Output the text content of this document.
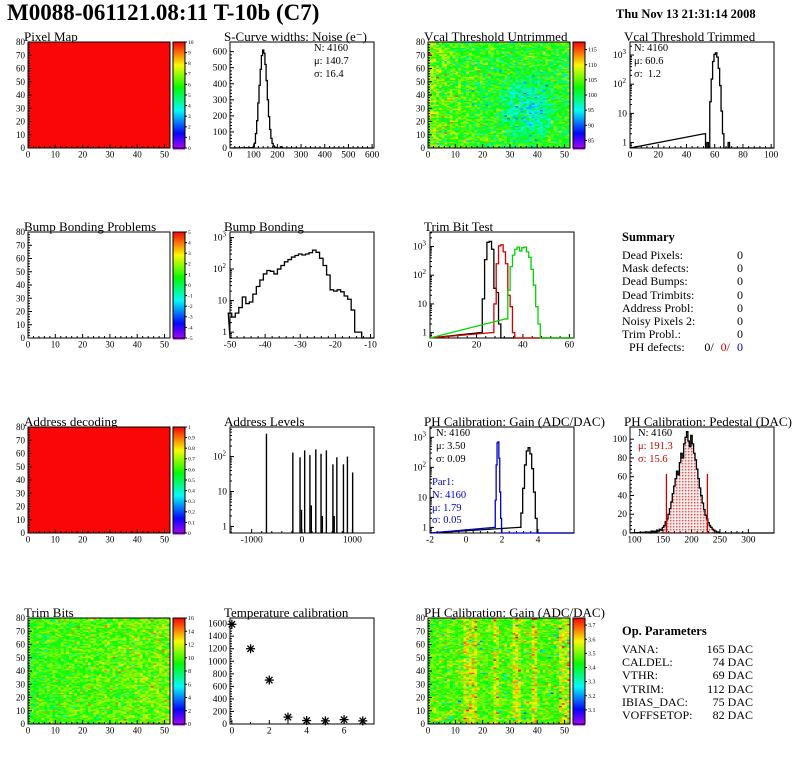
M0088-061121.08:11 T-10b (C7)	Thu Nov 13 21:31:14 2008
N: 4160
μ: 140.7
σ: 16.4
N: 4160
μ: 60.6
σ:  1.2
N: 4160
μ: 3.50
σ: 0.09
Par1:
N: 4160
μ: 1.79
σ: 0.05
N: 4160
μ: 191.3
σ: 15.6
Summary
Dead Pixels:	0
Mask defects:	0
Dead Bumps:	0
Dead Trimbits:	0
Address Probl:	0
Noisy Pixels 2:	0
Trim Probl.:	0
PH defects:	0/ 0/ 0
Op. Parameters
VANA:	165 DAC
CALDEL:	74 DAC
VTHR:	69 DAC
VTRIM:	112 DAC
IBIAS_DAC: 75 DAC
VOFFSETOP: 82 DAC
